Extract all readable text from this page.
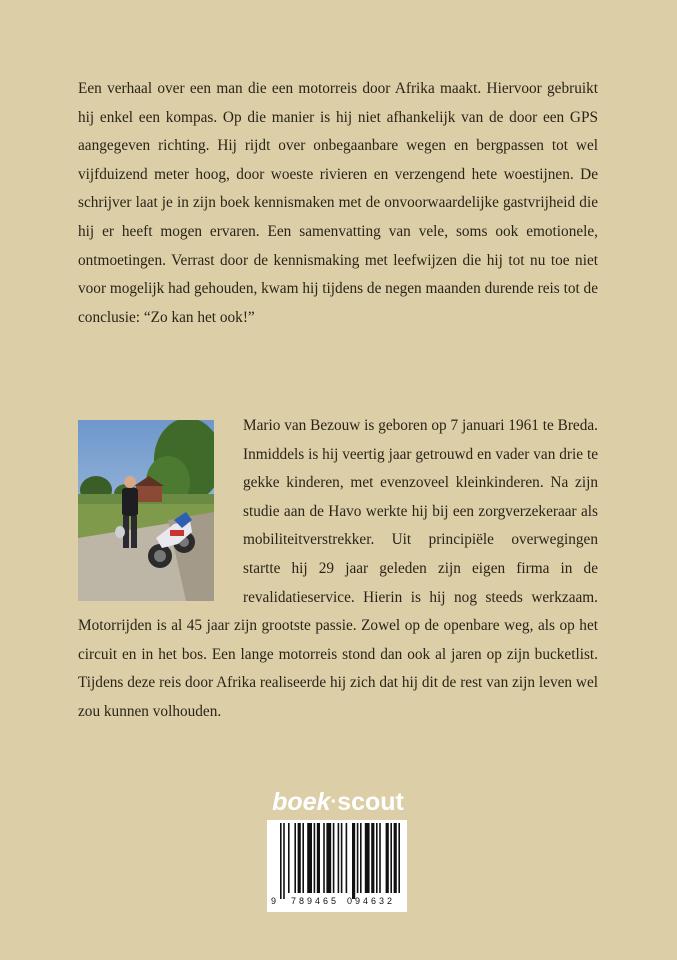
Een verhaal over een man die een motorreis door Afrika maakt. Hiervoor gebruikt hij enkel een kompas. Op die manier is hij niet afhankelijk van de door een GPS aangegeven richting. Hij rijdt over onbegaanbare wegen en bergpassen tot wel vijfduizend meter hoog, door woeste rivieren en verzengend hete woestijnen. De schrijver laat je in zijn boek kennismaken met de onvoorwaardelijke gastvrijheid die hij er heeft mogen ervaren. Een samenvatting van vele, soms ook emotionele, ontmoetingen. Verrast door de kennismaking met leefwijzen die hij tot nu toe niet voor mogelijk had gehouden, kwam hij tijdens de negen maanden durende reis tot de conclusie: “Zo kan het ook!”

Mario van Bezouw is geboren op 7 januari 1961 te Breda. Inmiddels is hij veertig jaar getrouwd en vader van drie te gekke kinderen, met evenzoveel kleinkinderen. Na zijn studie aan de Havo werkte hij bij een zorgverzekeraar als mobiliteitverstrekker. Uit principiële overwegingen startte hij 29 jaar geleden zijn eigen firma in de revalidatieservice. Hierin is hij nog steeds werkzaam. Motorrijden is al 45 jaar zijn grootste passie. Zowel op de openbare weg, als op het circuit en in het bos. Een lange motorreis stond dan ook al jaren op zijn bucketlist. Tijdens deze reis door Afrika realiseerde hij zich dat hij dit de rest van zijn leven wel zou kunnen volhouden.
boek·scout
9 789465 094632
